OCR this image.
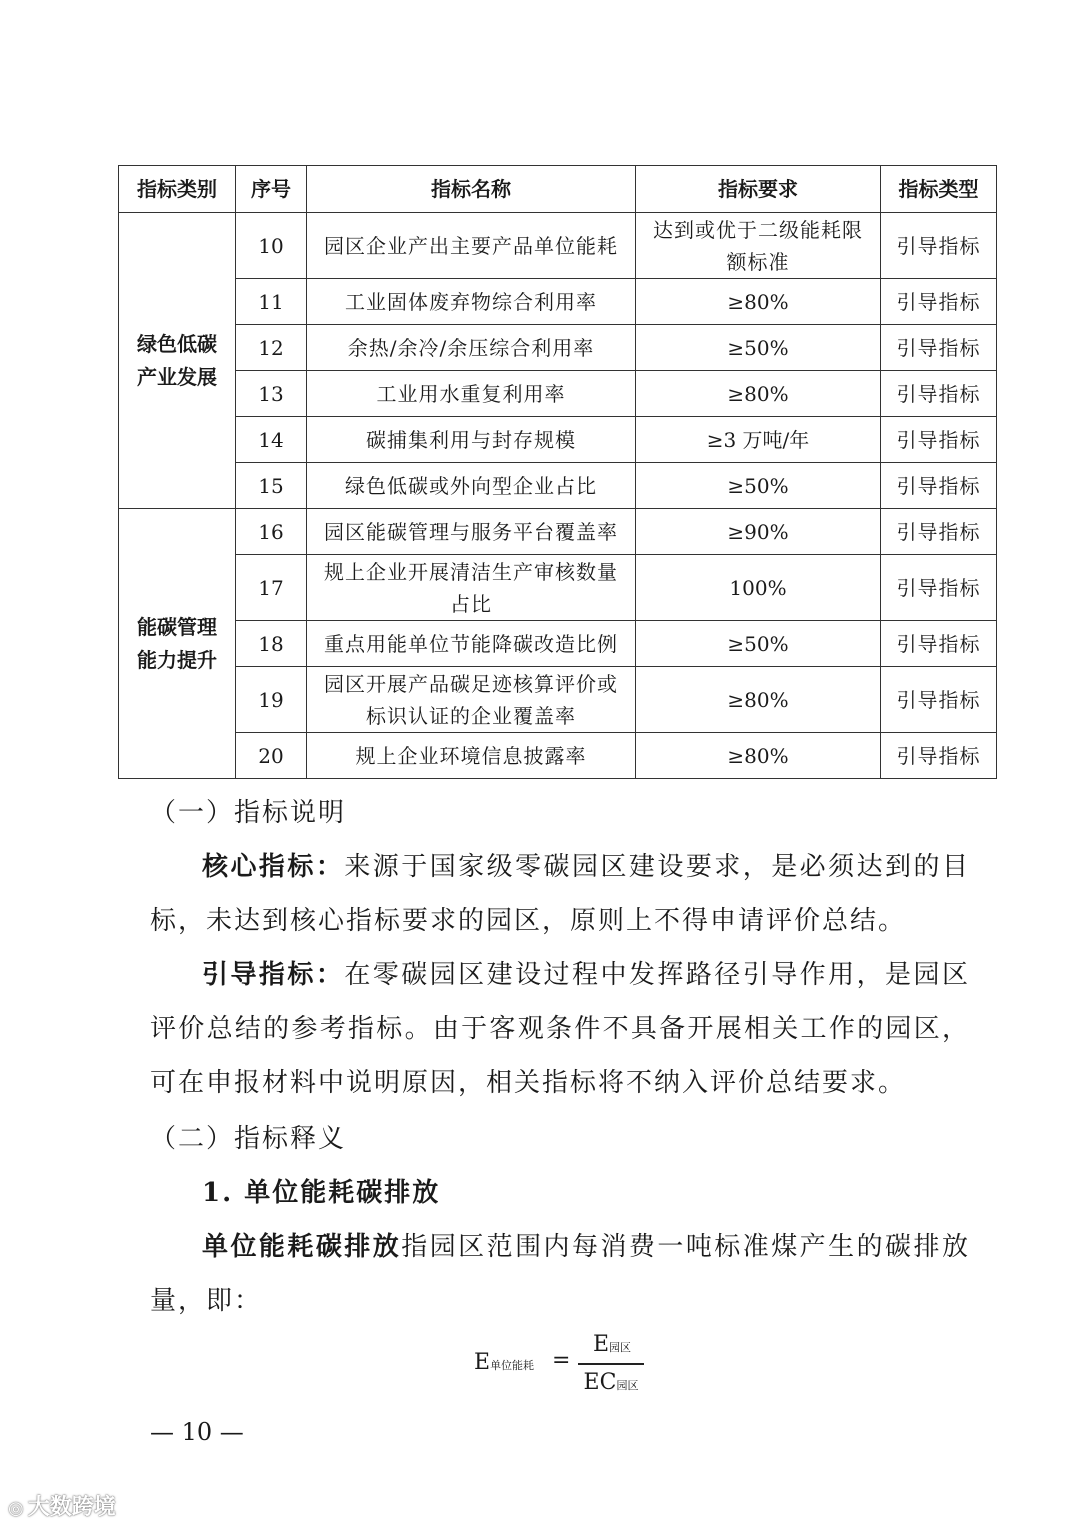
指标类别	序号	指标名称	指标要求	指标类型

绿色低碳
产业发展	10	园区企业产出主要产品单位能耗	达到或优于二级能耗限额标准	引导指标
	11	工业固体废弃物综合利用率	≥80%	引导指标
	12	余热/余冷/余压综合利用率	≥50%	引导指标
	13	工业用水重复利用率	≥80%	引导指标
	14	碳捕集利用与封存规模	≥3 万吨/年	引导指标
	15	绿色低碳或外向型企业占比	≥50%	引导指标

能碳管理
能力提升	16	园区能碳管理与服务平台覆盖率	≥90%	引导指标
	17	规上企业开展清洁生产审核数量占比	100%	引导指标
	18	重点用能单位节能降碳改造比例	≥50%	引导指标
	19	园区开展产品碳足迹核算评价或标识认证的企业覆盖率	≥80%	引导指标
	20	规上企业环境信息披露率	≥80%	引导指标
（一）指标说明
核心指标：来源于国家级零碳园区建设要求，是必须达到的目标，未达到核心指标要求的园区，原则上不得申请评价总结。
引导指标：在零碳园区建设过程中发挥路径引导作用，是园区评价总结的参考指标。由于客观条件不具备开展相关工作的园区，可在申报材料中说明原因，相关指标将不纳入评价总结要求。
（二）指标释义
1. 单位能耗碳排放
单位能耗碳排放指园区范围内每消费一吨标准煤产生的碳排放量，即：
E单位能耗 =
E园区
EC园区
— 10 —
◎ 大数跨境
